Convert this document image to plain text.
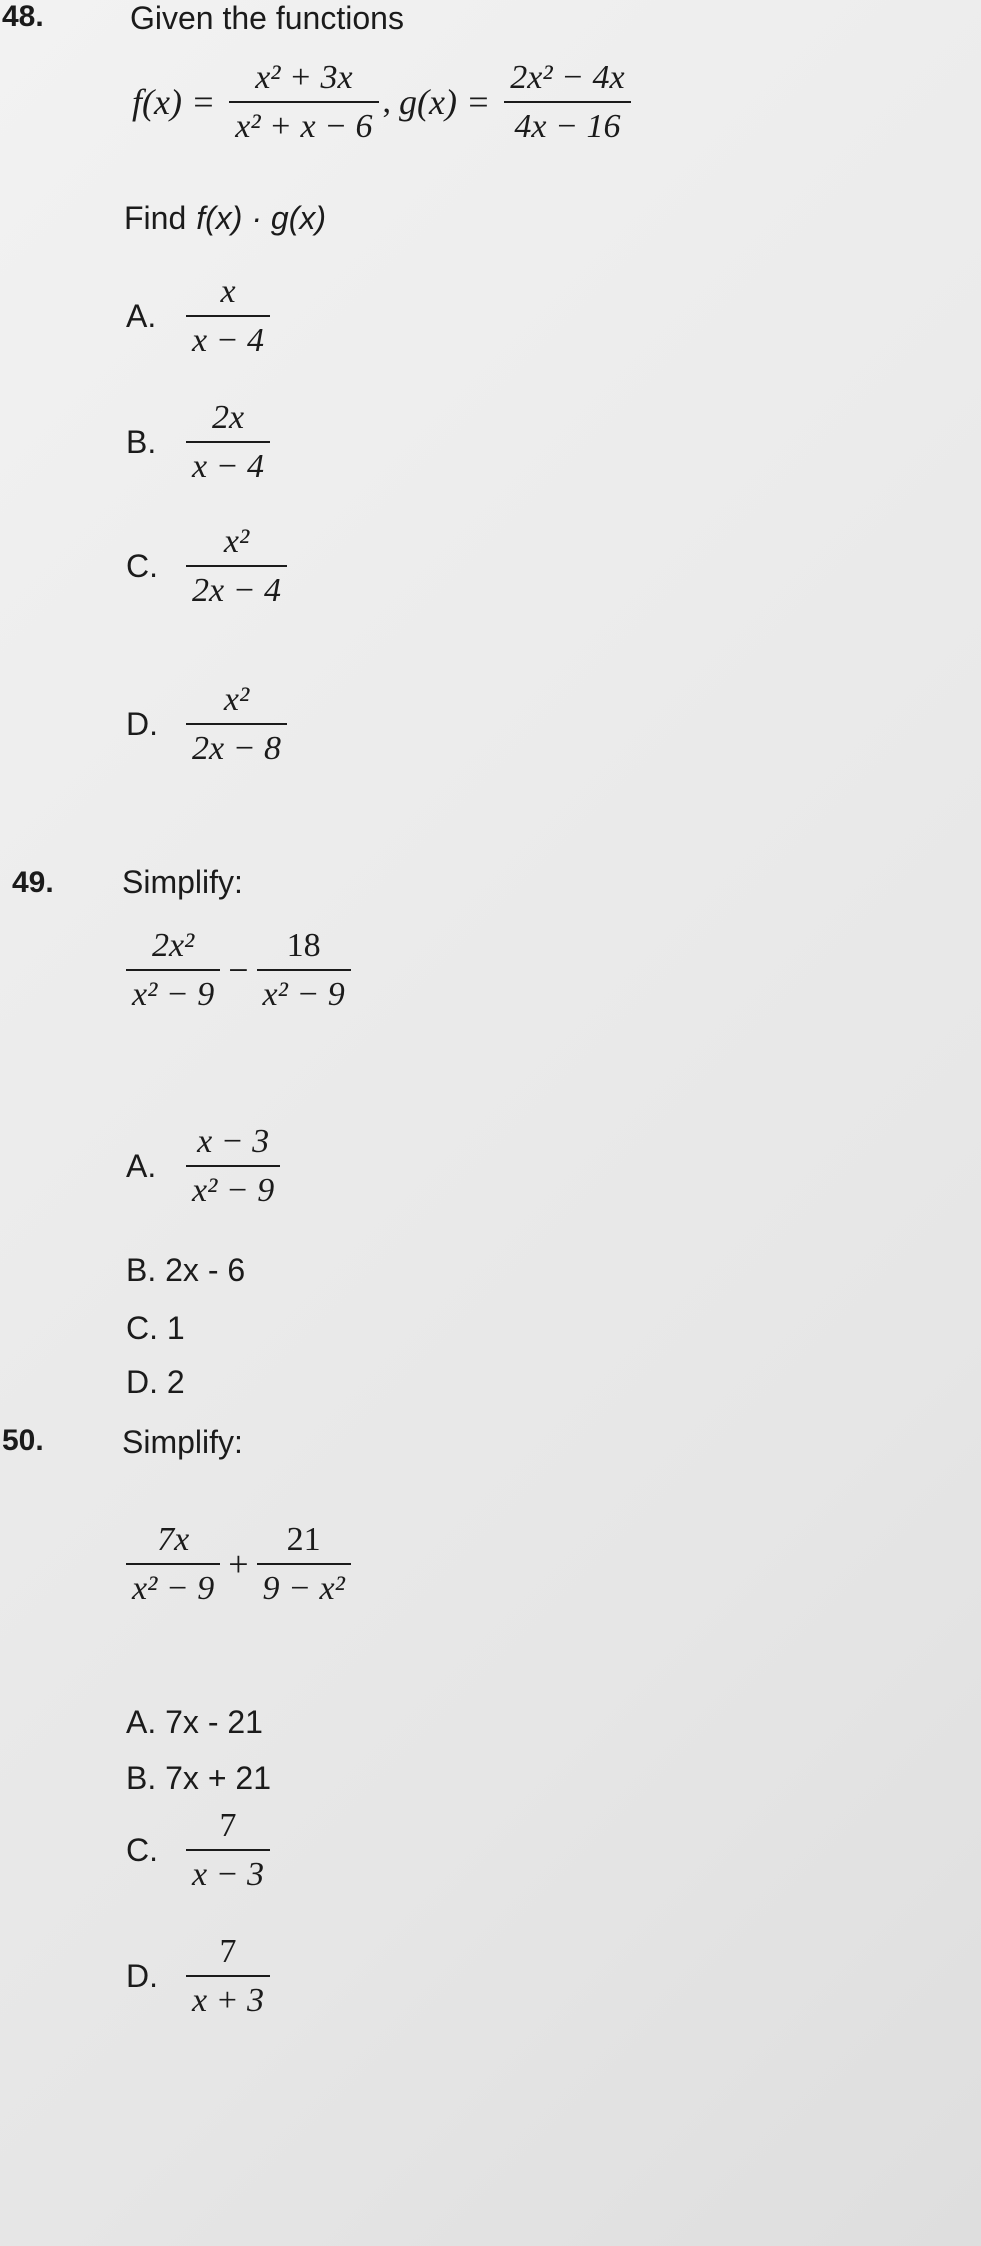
48.	Given the functions
$f(x) = \frac{\text{x² + 3x}}{\text{x² + x − 6}}$ , $g(x) = \frac{\text{2x² − 4x}}{4x - 16}$
Find f(x) · g(x)
A. $\frac{x}{x - 4}$
B. $\frac{2x}{x - 4}$
C. $\frac{\text{x²}}{2x - 4}$
D. $\frac{\text{x²}}{2x - 8}$
49. Simplify:
$\frac{\text{2x²}}{\text{x² − 9}} - \frac{18}{\text{x² − 9}}$
A. $\frac{x - 3}{\text{x² − 9}}$
B. 2x - 6
C. 1
D. 2
50. Simplify:
$\frac{7x}{\text{x² − 9}} + \frac{21}{\text{9 − x²}}$
A. 7x - 21
B. 7x + 21
C. $\frac{7}{x - 3}$
D. $\frac{7}{x + 3}$
